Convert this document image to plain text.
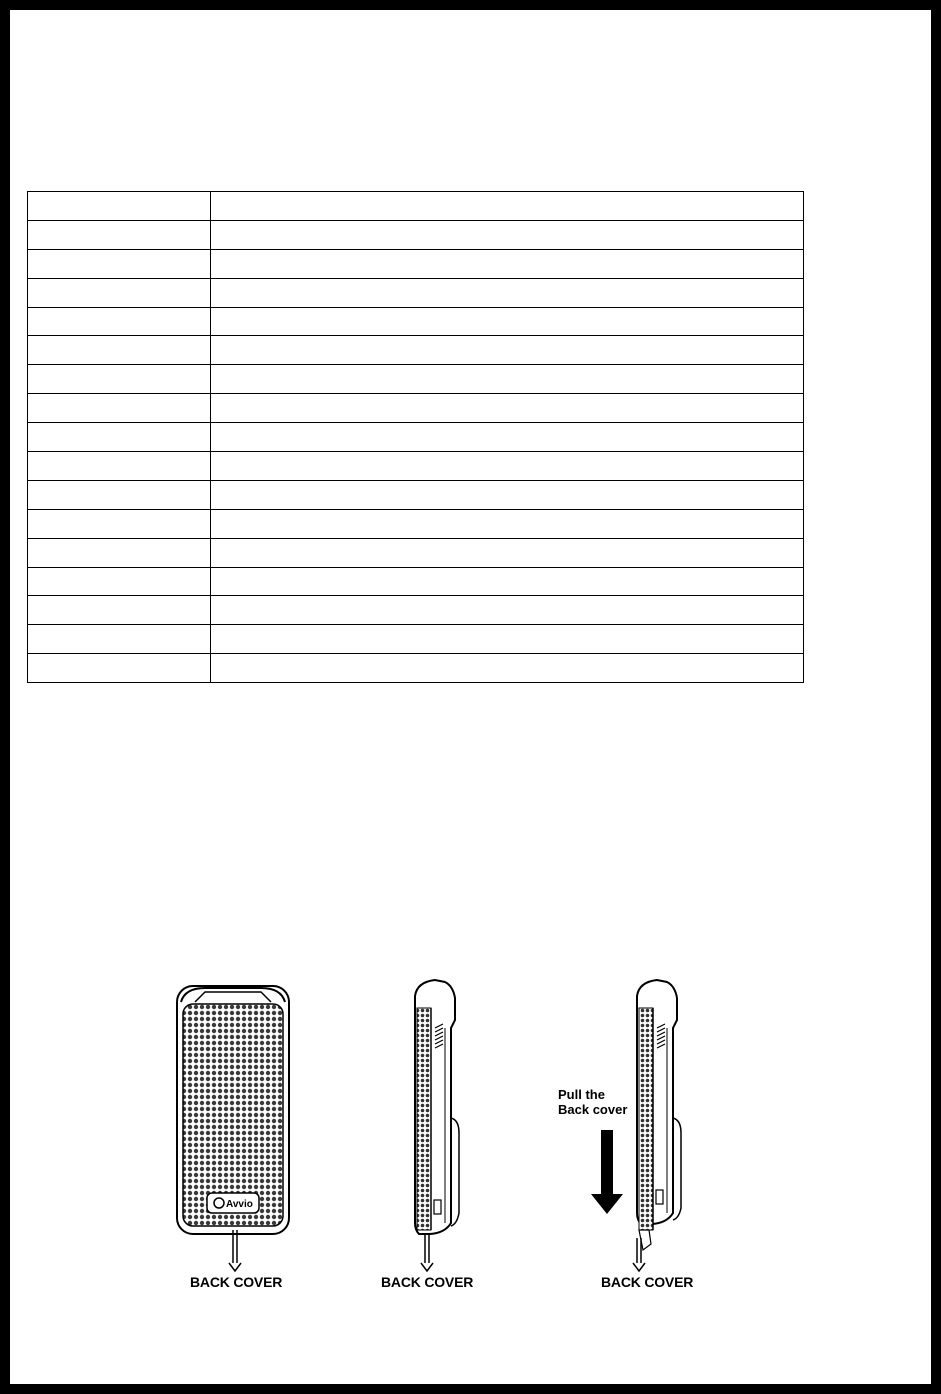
Avvio
Pull the
Back cover
BACK COVER	BACK COVER	BACK COVER
